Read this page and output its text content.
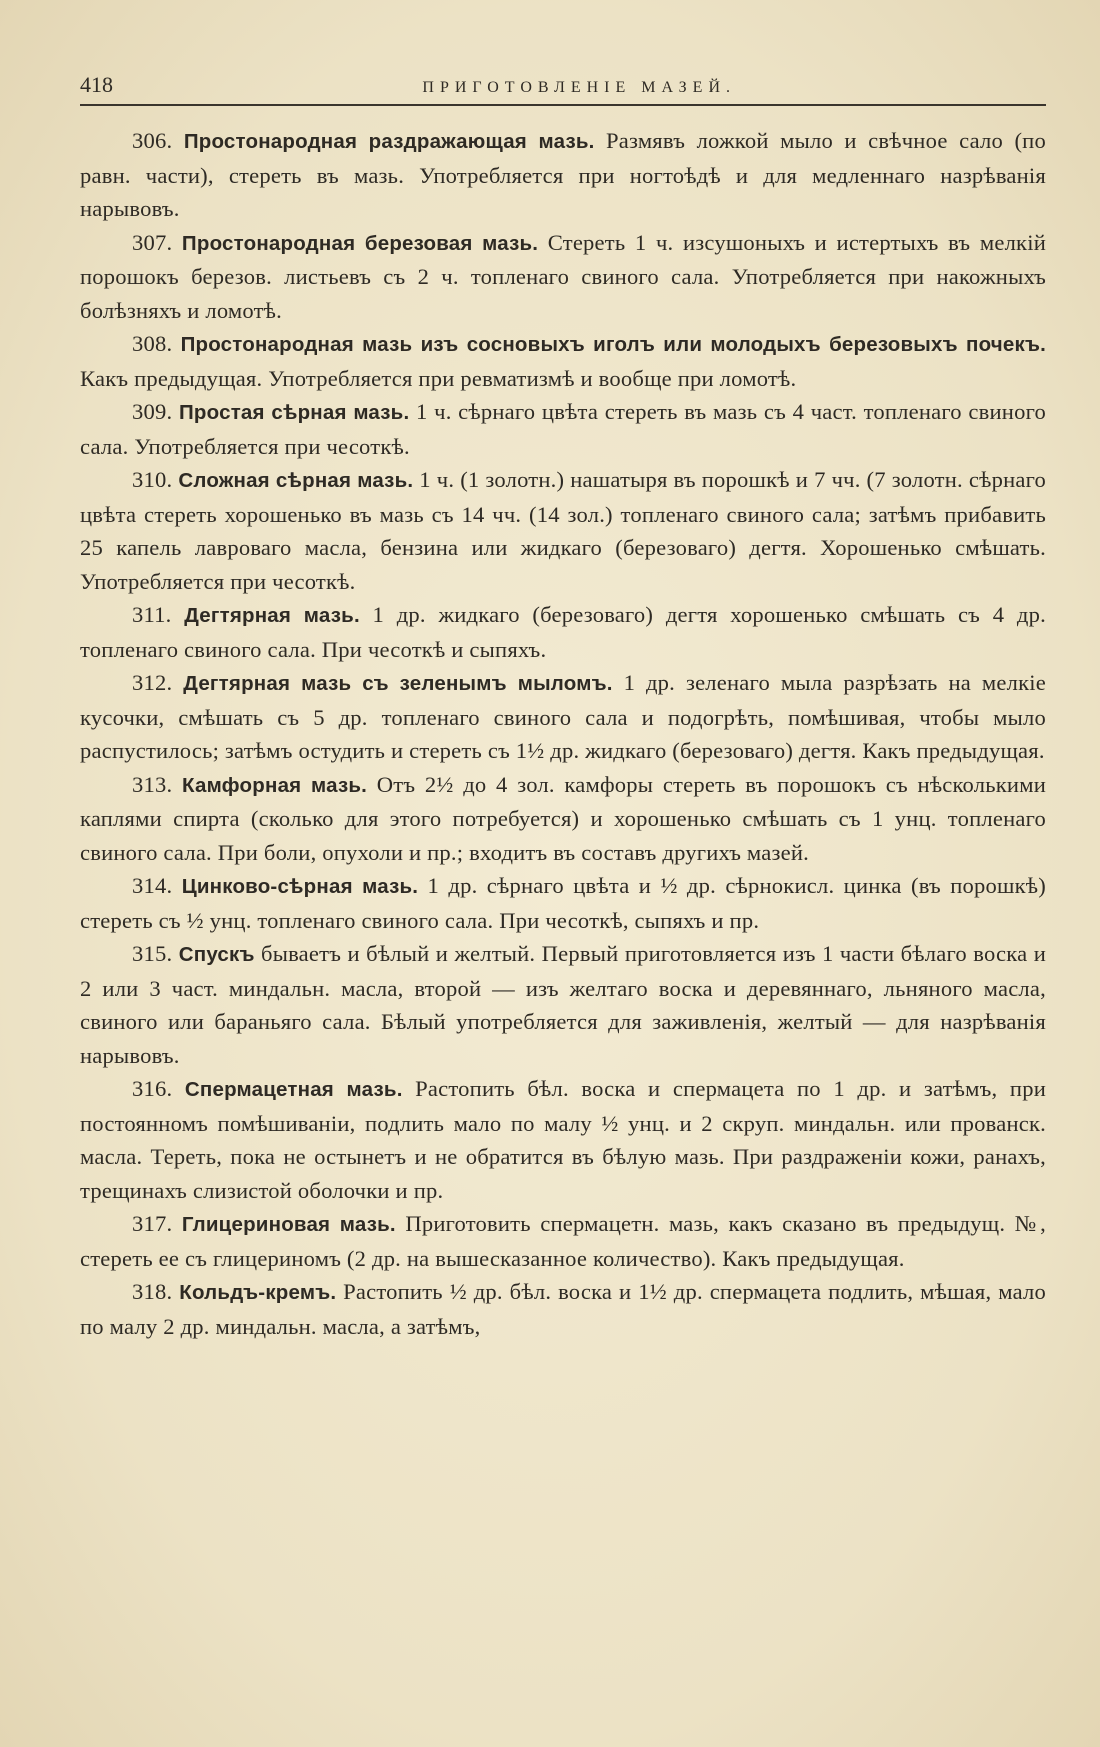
418	ПРИГОТОВЛЕНІЕ МАЗЕЙ.

306. Простонародная раздражающая мазь. Размявъ ложкой мыло и свѣчное сало (по равн. части), стереть въ мазь. Употребляется при ногтоѣдѣ и для медленнаго назрѣванія нарывовъ.

307. Простонародная березовая мазь. Стереть 1 ч. изсушоныхъ и истертыхъ въ мелкій порошокъ березов. листьевъ съ 2 ч. топленаго свиного сала. Употребляется при накожныхъ болѣзняхъ и ломотѣ.

308. Простонародная мазь изъ сосновыхъ иголъ или молодыхъ березовыхъ почекъ. Какъ предыдущая. Употребляется при ревматизмѣ и вообще при ломотѣ.

309. Простая сѣрная мазь. 1 ч. сѣрнаго цвѣта стереть въ мазь съ 4 част. топленаго свиного сала. Употребляется при чесоткѣ.

310. Сложная сѣрная мазь. 1 ч. (1 золотн.) нашатыря въ порошкѣ и 7 чч. (7 золотн. сѣрнаго цвѣта стереть хорошенько въ мазь съ 14 чч. (14 зол.) топленаго свиного сала; затѣмъ прибавить 25 капель лавроваго масла, бензина или жидкаго (березоваго) дегтя. Хорошенько смѣшать. Употребляется при чесоткѣ.

311. Дегтярная мазь. 1 др. жидкаго (березоваго) дегтя хорошенько смѣшать съ 4 др. топленаго свиного сала. При чесоткѣ и сыпяхъ.

312. Дегтярная мазь съ зеленымъ мыломъ. 1 др. зеленаго мыла разрѣзать на мелкіе кусочки, смѣшать съ 5 др. топленаго свиного сала и подогрѣть, помѣшивая, чтобы мыло распустилось; затѣмъ остудить и стереть съ 1½ др. жидкаго (березоваго) дегтя. Какъ предыдущая.

313. Камфорная мазь. Отъ 2½ до 4 зол. камфоры стереть въ порошокъ съ нѣсколькими каплями спирта (сколько для этого потребуется) и хорошенько смѣшать съ 1 унц. топленаго свиного сала. При боли, опухоли и пр.; входитъ въ составъ другихъ мазей.

314. Цинково-сѣрная мазь. 1 др. сѣрнаго цвѣта и ½ др. сѣрнокисл. цинка (въ порошкѣ) стереть съ ½ унц. топленаго свиного сала. При чесоткѣ, сыпяхъ и пр.

315. Спускъ бываетъ и бѣлый и желтый. Первый приготовляется изъ 1 части бѣлаго воска и 2 или 3 част. миндальн. масла, второй — изъ желтаго воска и деревяннаго, льняного масла, свиного или бараньяго сала. Бѣлый употребляется для заживленія, желтый — для назрѣванія нарывовъ.

316. Спермацетная мазь. Растопить бѣл. воска и спермацета по 1 др. и затѣмъ, при постоянномъ помѣшиваніи, подлить мало по малу ½ унц. и 2 скруп. миндальн. или прованск. масла. Тереть, пока не остынетъ и не обратится въ бѣлую мазь. При раздраженіи кожи, ранахъ, трещинахъ слизистой оболочки и пр.

317. Глицериновая мазь. Приготовить спермацетн. мазь, какъ сказано въ предыдущ. №, стереть ее съ глицериномъ (2 др. на вышесказанное количество). Какъ предыдущая.

318. Кольдъ-кремъ. Растопить ½ др. бѣл. воска и 1½ др. спермацета подлить, мѣшая, мало по малу 2 др. миндальн. масла, а затѣмъ,
